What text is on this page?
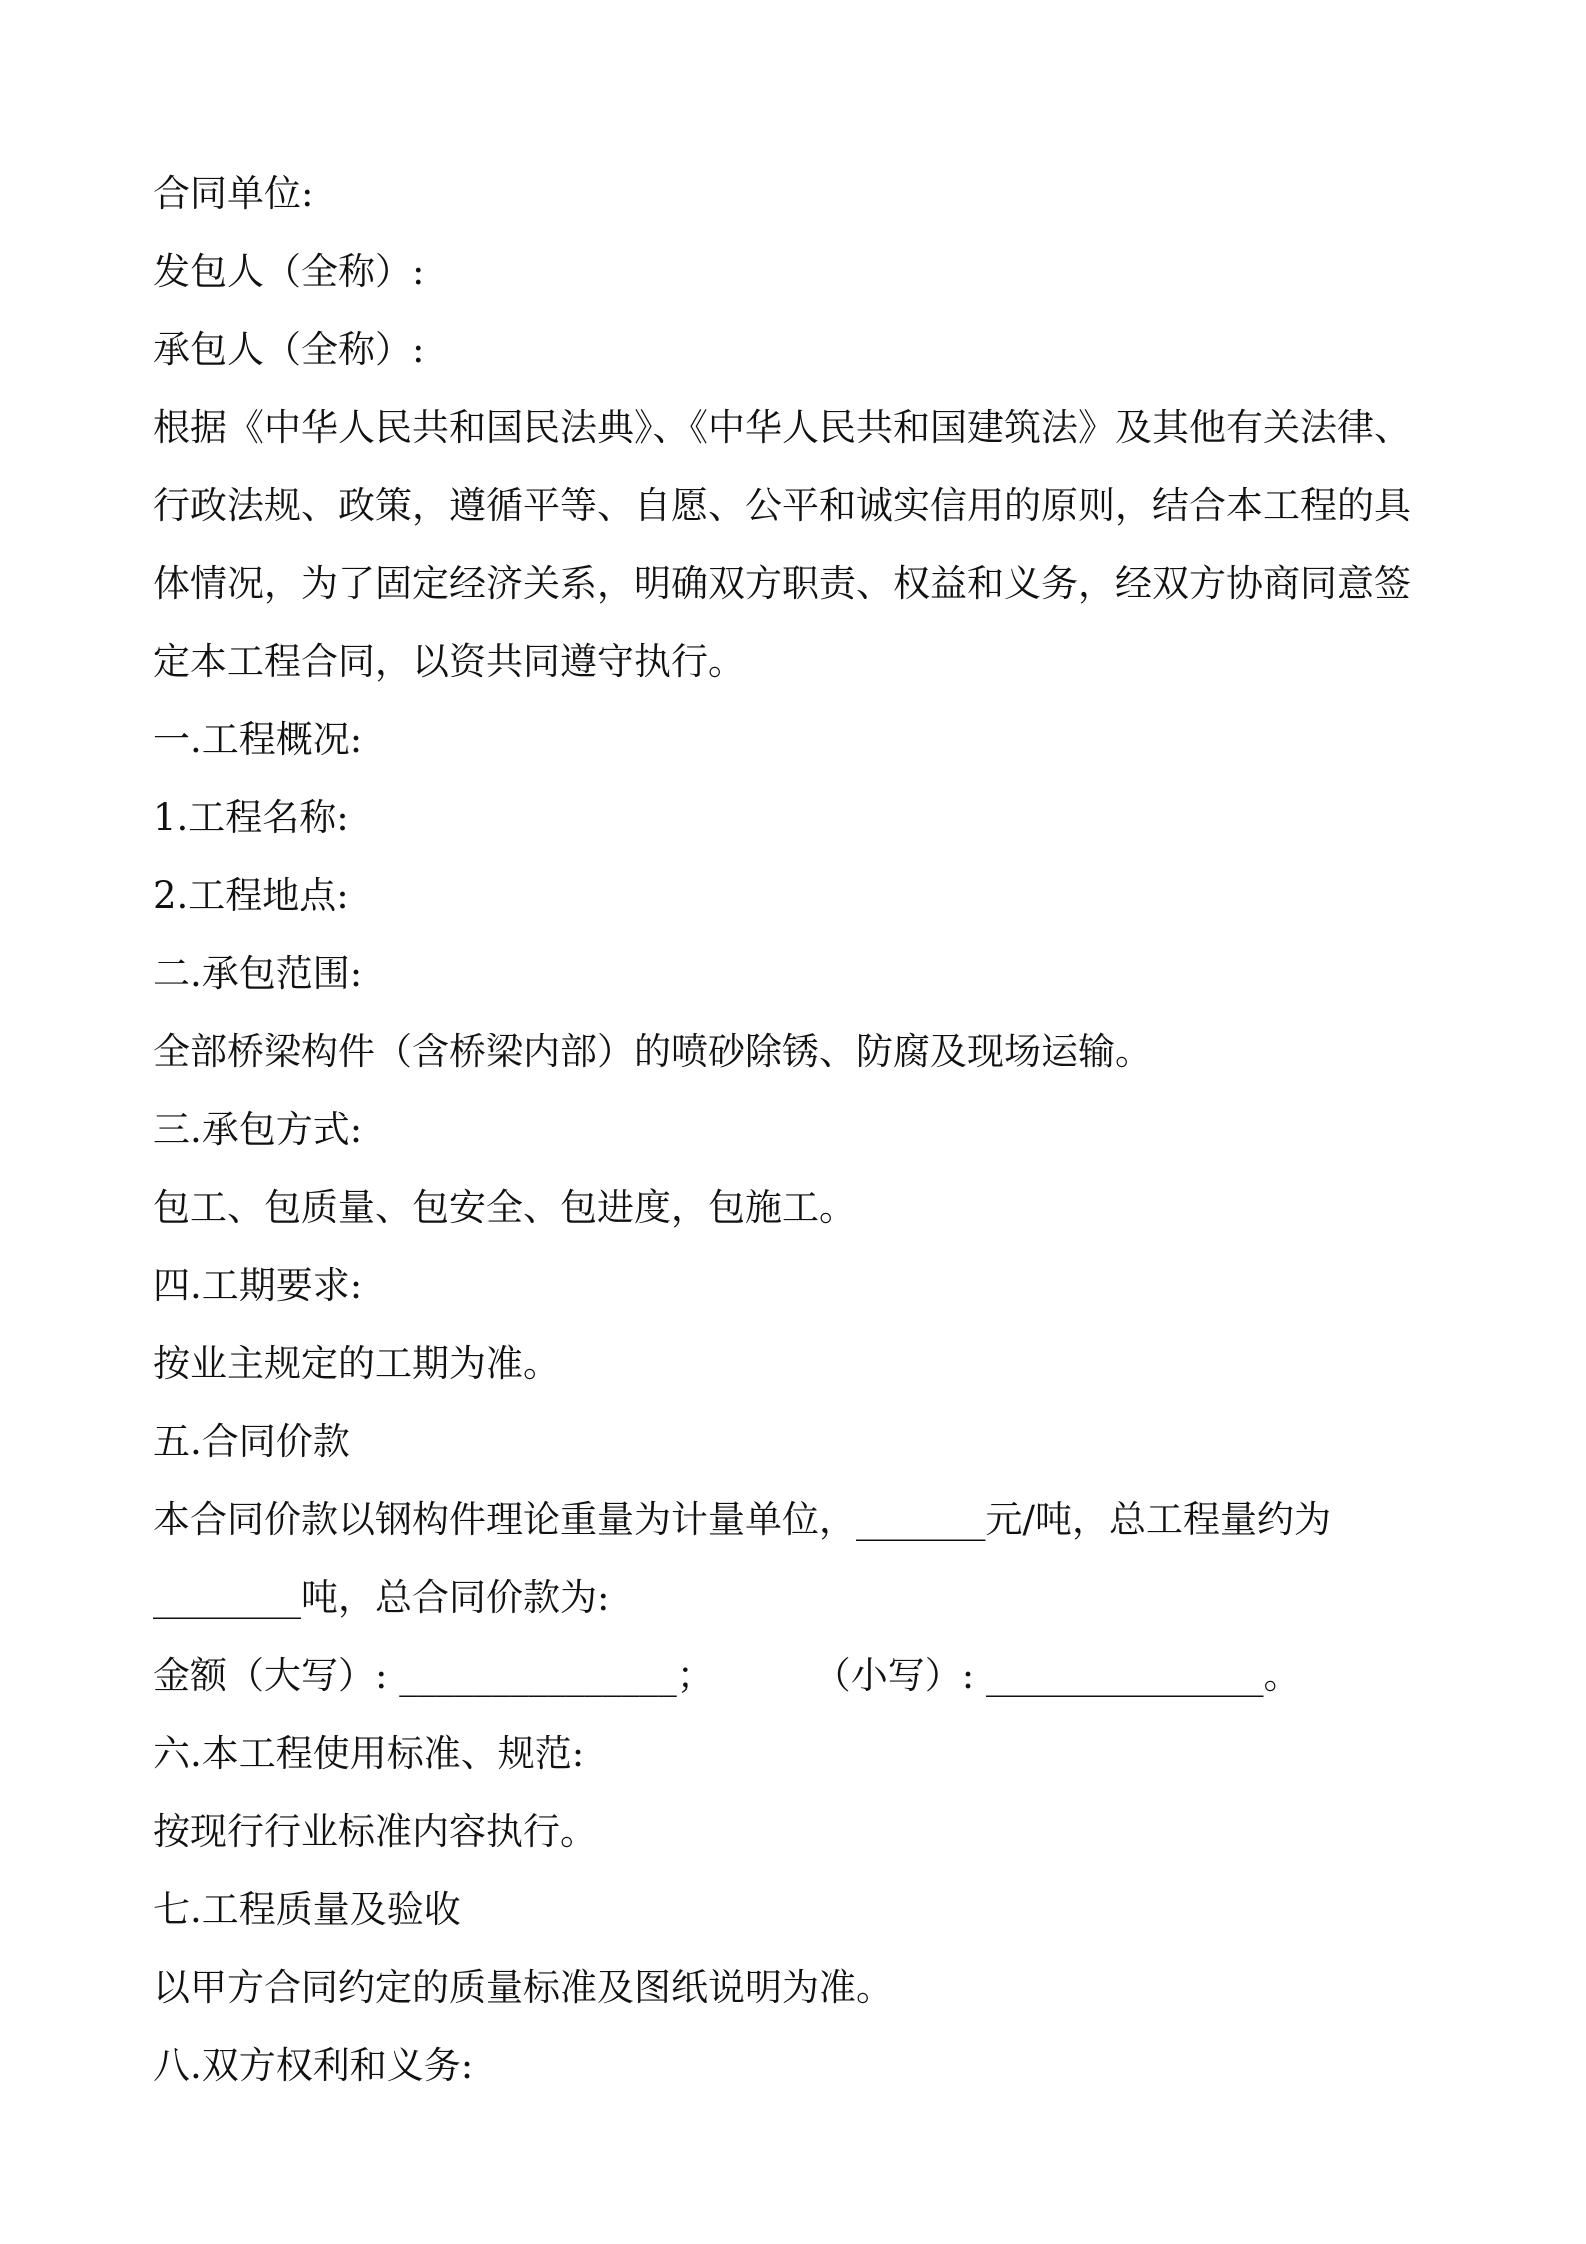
合同单位:
发包人（全称）:
承包人（全称）:
根据《中华人民共和国民法典》、《中华人民共和国建筑法》及其他有关法律、
行政法规、政策，遵循平等、自愿、公平和诚实信用的原则，结合本工程的具
体情况，为了固定经济关系，明确双方职责、权益和义务，经双方协商同意签
定本工程合同，以资共同遵守执行。
一.工程概况:
1.工程名称:
2.工程地点:
二.承包范围:
全部桥梁构件（含桥梁内部）的喷砂除锈、防腐及现场运输。
三.承包方式:
包工、包质量、包安全、包进度，包施工。
四.工期要求:
按业主规定的工期为准。
五.合同价款
本合同价款以钢构件理论重量为计量单位，_______元/吨，总工程量约为
________吨，总合同价款为:
金额（大写）: _______________；	（小写）: _______________。
六.本工程使用标准、规范:
按现行行业标准内容执行。
七.工程质量及验收
以甲方合同约定的质量标准及图纸说明为准。
八.双方权利和义务:
